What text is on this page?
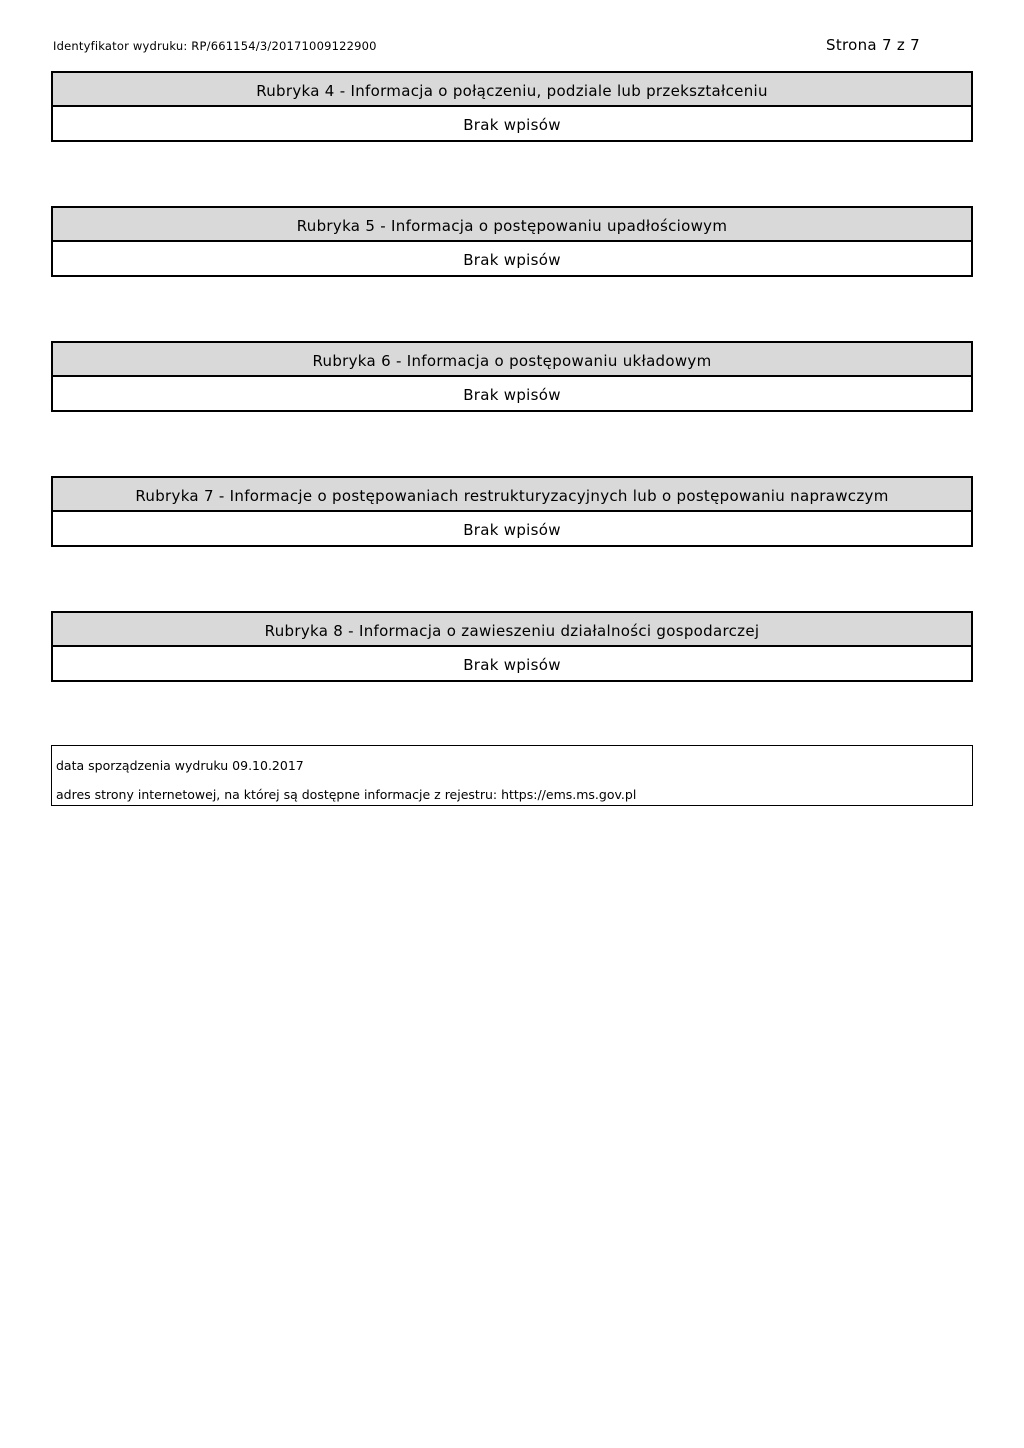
Identyfikator wydruku: RP/661154/3/20171009122900	Strona 7 z 7
Rubryka 4 - Informacja o połączeniu, podziale lub przekształceniu
Brak wpisów
Rubryka 5 - Informacja o postępowaniu upadłościowym
Brak wpisów
Rubryka 6 - Informacja o postępowaniu układowym
Brak wpisów
Rubryka 7 - Informacje o postępowaniach restrukturyzacyjnych lub o postępowaniu naprawczym
Brak wpisów
Rubryka 8 - Informacja o zawieszeniu działalności gospodarczej
Brak wpisów
data sporządzenia wydruku 09.10.2017
adres strony internetowej, na której są dostępne informacje z rejestru: https://ems.ms.gov.pl
